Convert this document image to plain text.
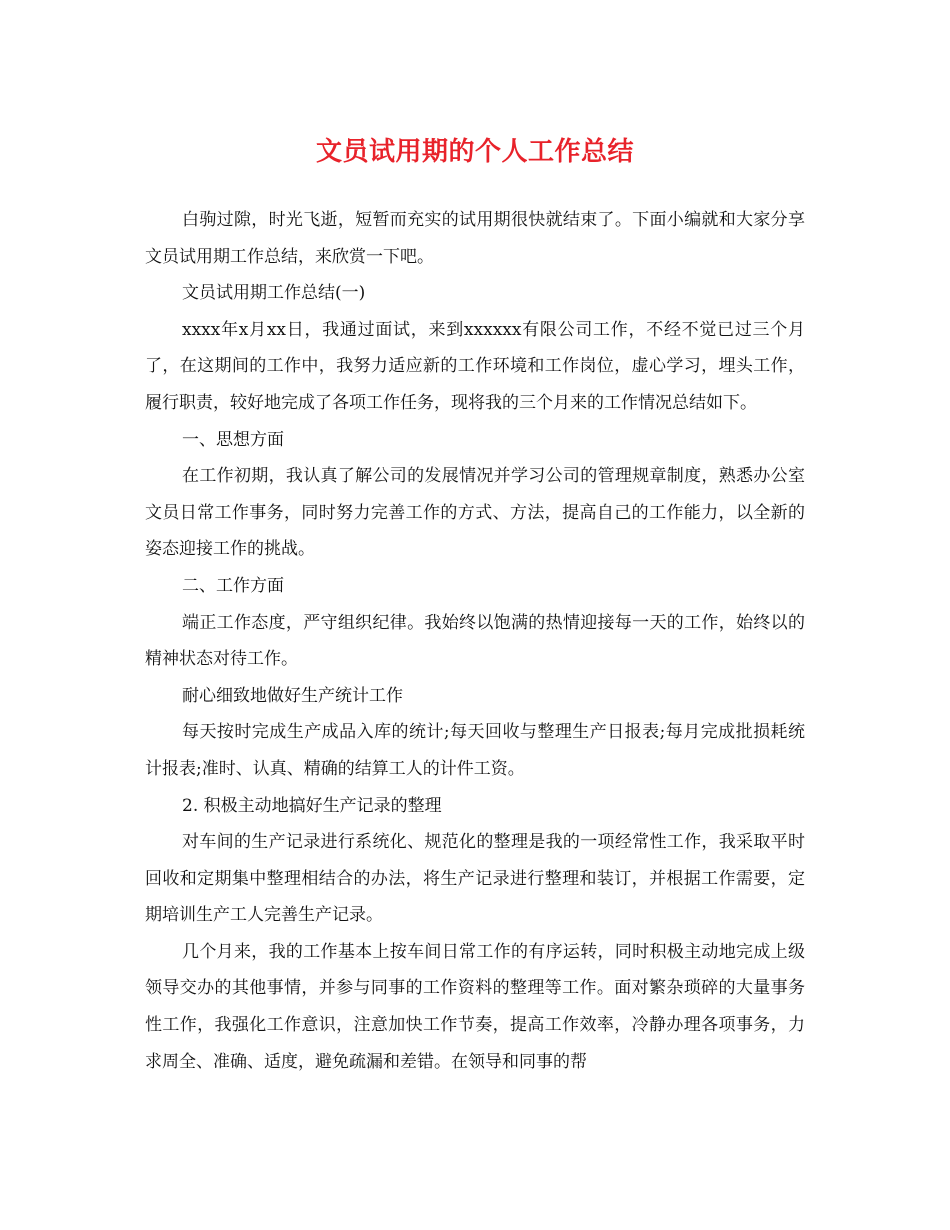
文员试用期的个人工作总结

白驹过隙，时光飞逝，短暂而充实的试用期很快就结束了。下面小编就和大家分享文员试用期工作总结，来欣赏一下吧。

文员试用期工作总结(一)

xxxx年x月xx日，我通过面试，来到xxxxxx有限公司工作，不经不觉已过三个月了，在这期间的工作中，我努力适应新的工作环境和工作岗位，虚心学习，埋头工作，履行职责，较好地完成了各项工作任务，现将我的三个月来的工作情况总结如下。

一、思想方面

在工作初期，我认真了解公司的发展情况并学习公司的管理规章制度，熟悉办公室文员日常工作事务，同时努力完善工作的方式、方法，提高自己的工作能力，以全新的姿态迎接工作的挑战。

二、工作方面

端正工作态度，严守组织纪律。我始终以饱满的热情迎接每一天的工作，始终以的精神状态对待工作。

耐心细致地做好生产统计工作

每天按时完成生产成品入库的统计;每天回收与整理生产日报表;每月完成批损耗统计报表;准时、认真、精确的结算工人的计件工资。

2. 积极主动地搞好生产记录的整理

对车间的生产记录进行系统化、规范化的整理是我的一项经常性工作，我采取平时回收和定期集中整理相结合的办法，将生产记录进行整理和装订，并根据工作需要，定期培训生产工人完善生产记录。

几个月来，我的工作基本上按车间日常工作的有序运转，同时积极主动地完成上级领导交办的其他事情，并参与同事的工作资料的整理等工作。面对繁杂琐碎的大量事务性工作，我强化工作意识，注意加快工作节奏，提高工作效率，冷静办理各项事务，力求周全、准确、适度，避免疏漏和差错。在领导和同事的帮
